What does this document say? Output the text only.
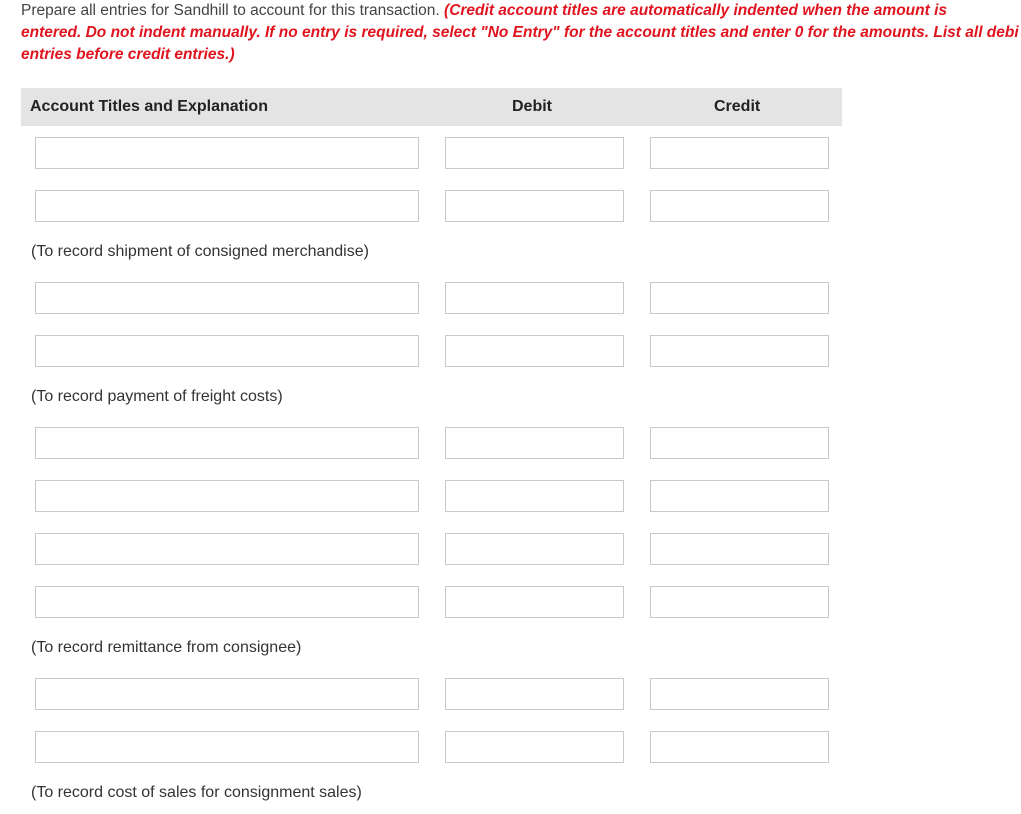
Prepare all entries for Sandhill to account for this transaction. (Credit account titles are automatically indented when the amount is
entered. Do not indent manually. If no entry is required, select "No Entry" for the account titles and enter 0 for the amounts. List all debi
entries before credit entries.)
Account Titles and Explanation	Debit	Credit
(To record shipment of consigned merchandise)
(To record payment of freight costs)
(To record remittance from consignee)
(To record cost of sales for consignment sales)
